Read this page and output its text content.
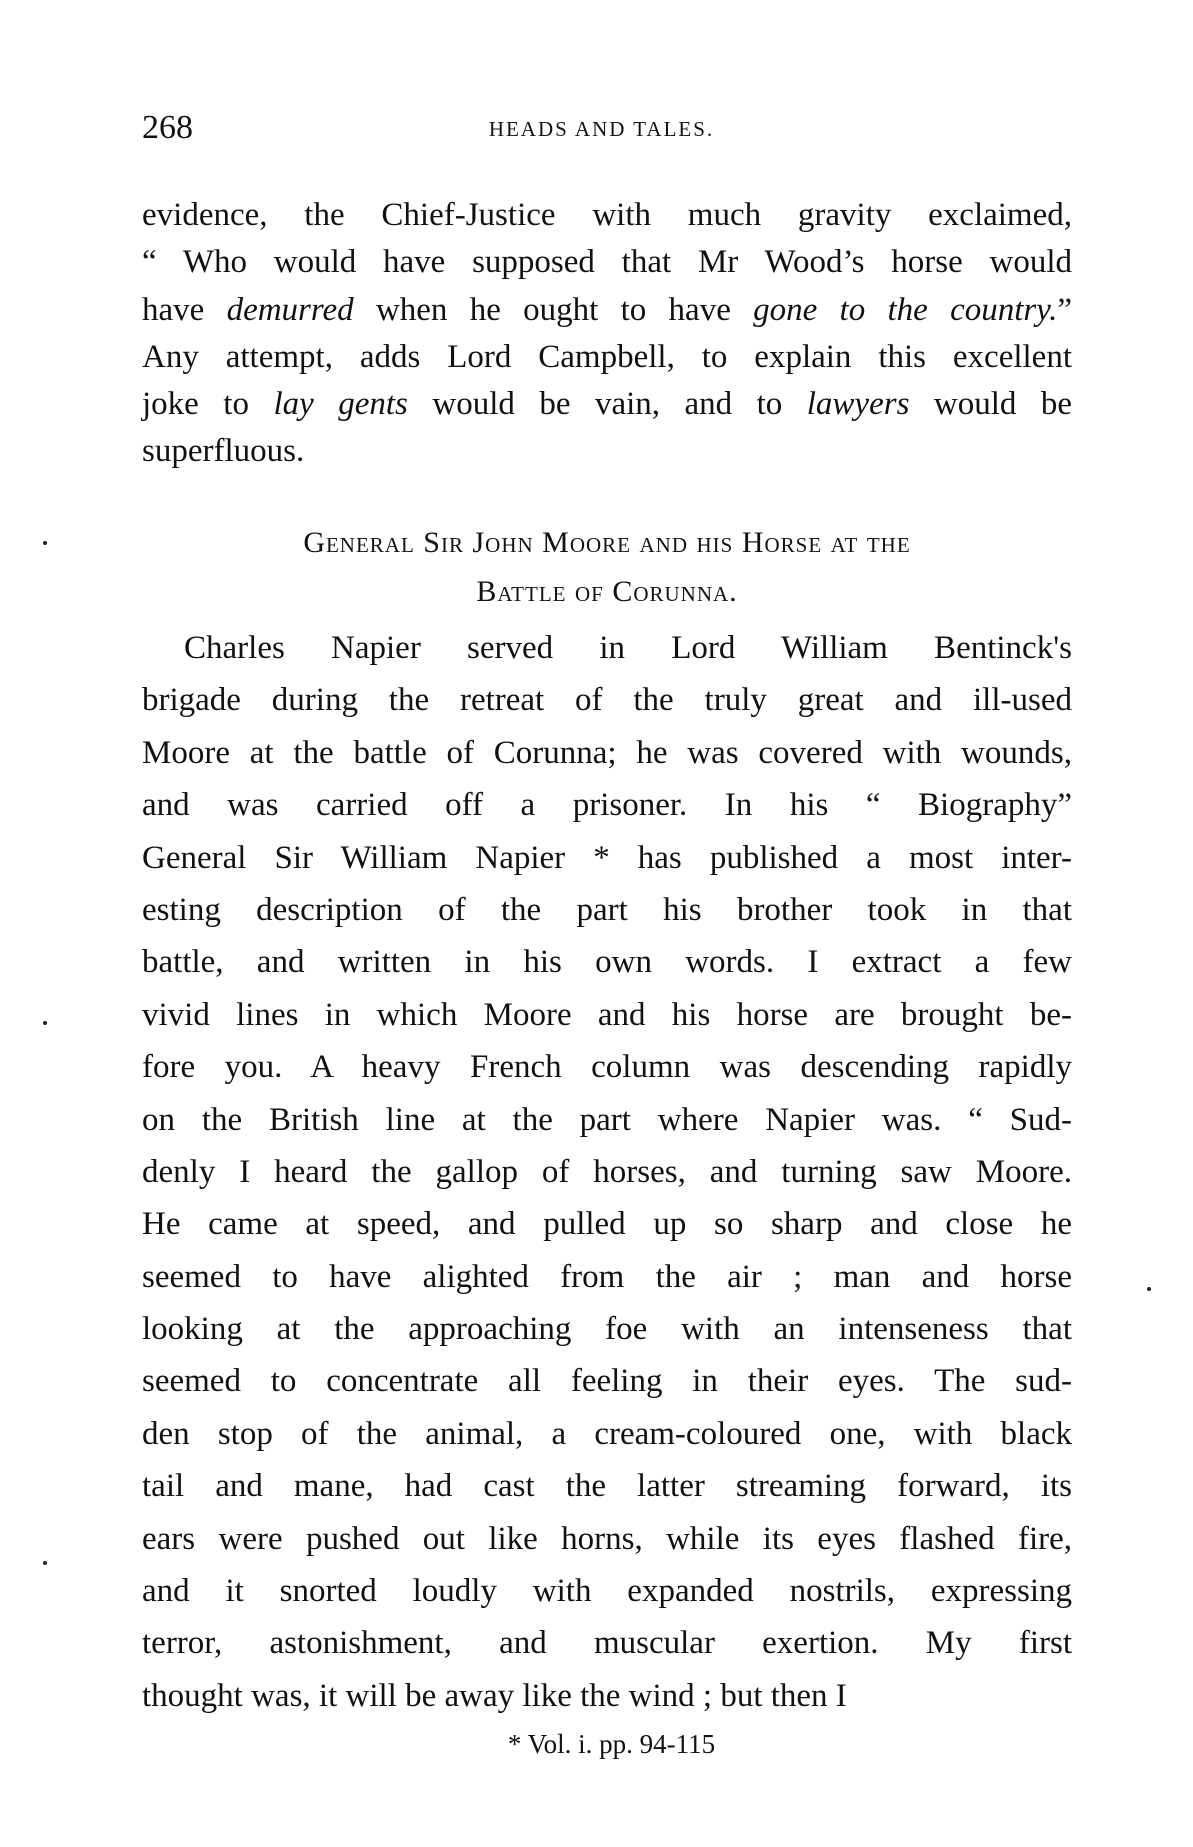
268	HEADS AND TALES.
evidence, the Chief-Justice with much gravity exclaimed,
“ Who would have supposed that Mr Wood’s horse would
have demurred when he ought to have gone to the country.”
Any attempt, adds Lord Campbell, to explain this excellent
joke to lay gents would be vain, and to lawyers would be
superfluous.
General Sir John Moore and his Horse at the
Battle of Corunna.
Charles Napier served in Lord William Bentinck's
brigade during the retreat of the truly great and ill-used
Moore at the battle of Corunna; he was covered with wounds,
and was carried off a prisoner. In his “ Biography”
General Sir William Napier * has published a most inter-
esting description of the part his brother took in that
battle, and written in his own words. I extract a few
vivid lines in which Moore and his horse are brought be-
fore you. A heavy French column was descending rapidly
on the British line at the part where Napier was. “ Sud-
denly I heard the gallop of horses, and turning saw Moore.
He came at speed, and pulled up so sharp and close he
seemed to have alighted from the air ; man and horse
looking at the approaching foe with an intenseness that
seemed to concentrate all feeling in their eyes. The sud-
den stop of the animal, a cream-coloured one, with black
tail and mane, had cast the latter streaming forward, its
ears were pushed out like horns, while its eyes flashed fire,
and it snorted loudly with expanded nostrils, expressing
terror, astonishment, and muscular exertion. My first
thought was, it will be away like the wind ; but then I
* Vol. i. pp. 94-115
